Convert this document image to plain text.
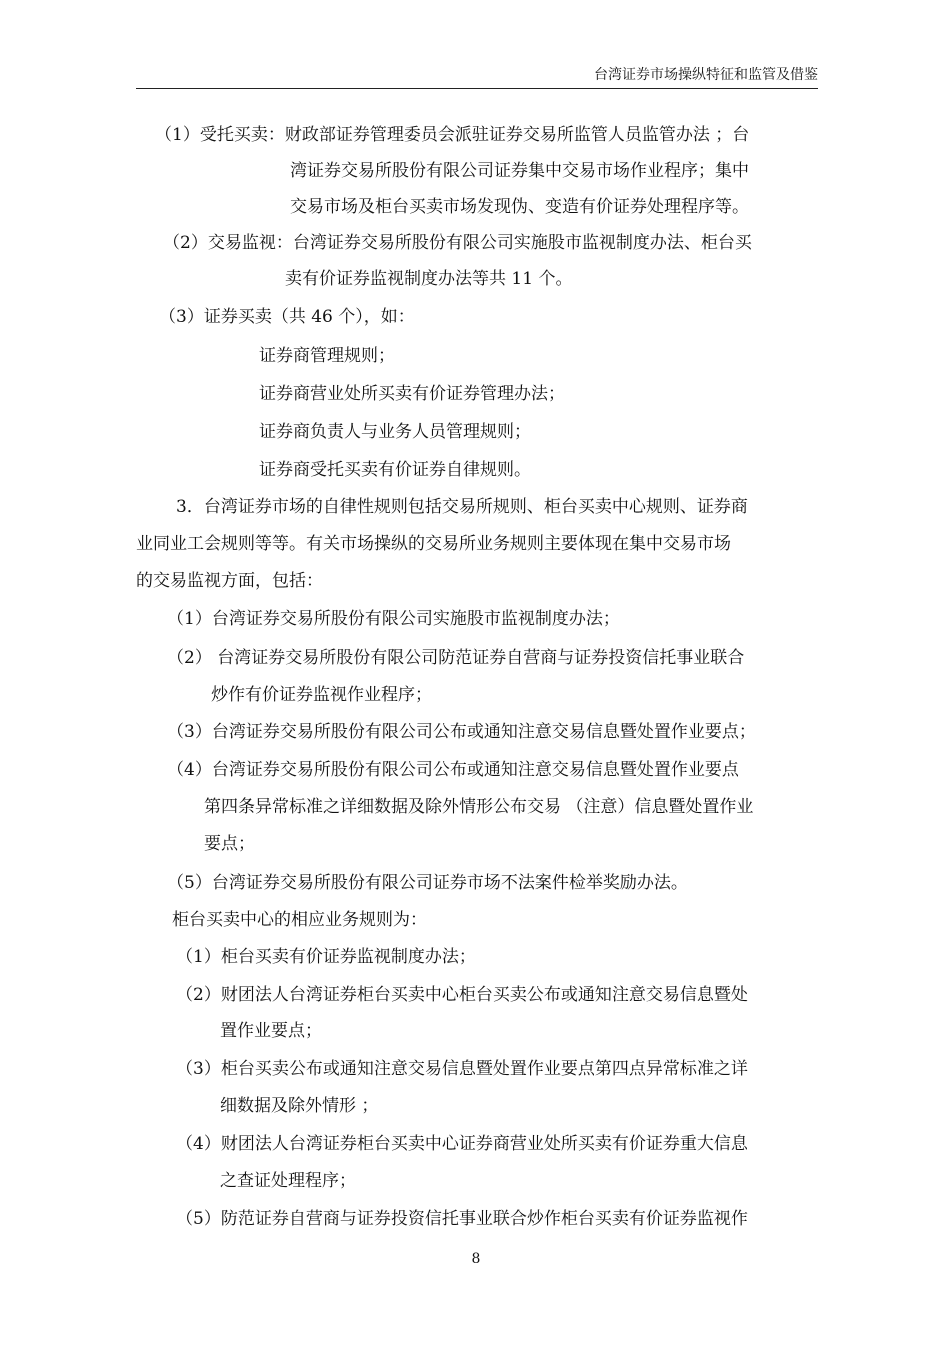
台湾证券市场操纵特征和监管及借鉴
（1）受托买卖：财政部证券管理委员会派驻证券交易所监管人员监管办法 ；台
湾证券交易所股份有限公司证券集中交易市场作业程序；集中
交易市场及柜台买卖市场发现伪、变造有价证券处理程序等。
（2）交易监视：台湾证券交易所股份有限公司实施股市监视制度办法、柜台买
卖有价证券监视制度办法等共 11 个。
（3）证券买卖（共 46 个），如：
证券商管理规则；
证券商营业处所买卖有价证券管理办法；
证券商负责人与业务人员管理规则；
证券商受托买卖有价证券自律规则。
3．台湾证券市场的自律性规则包括交易所规则、柜台买卖中心规则、证券商
业同业工会规则等等。有关市场操纵的交易所业务规则主要体现在集中交易市场
的交易监视方面，包括：
（1）台湾证券交易所股份有限公司实施股市监视制度办法；
（2） 台湾证券交易所股份有限公司防范证券自营商与证券投资信托事业联合
炒作有价证券监视作业程序；
（3）台湾证券交易所股份有限公司公布或通知注意交易信息暨处置作业要点；
（4）台湾证券交易所股份有限公司公布或通知注意交易信息暨处置作业要点
第四条异常标准之详细数据及除外情形公布交易 （注意）信息暨处置作业
要点；
（5）台湾证券交易所股份有限公司证券市场不法案件检举奖励办法。
柜台买卖中心的相应业务规则为：
（1）柜台买卖有价证券监视制度办法；
（2）财团法人台湾证券柜台买卖中心柜台买卖公布或通知注意交易信息暨处
置作业要点；
（3）柜台买卖公布或通知注意交易信息暨处置作业要点第四点异常标准之详
细数据及除外情形 ；
（4）财团法人台湾证券柜台买卖中心证券商营业处所买卖有价证券重大信息
之查证处理程序；
（5）防范证券自营商与证券投资信托事业联合炒作柜台买卖有价证券监视作
8
